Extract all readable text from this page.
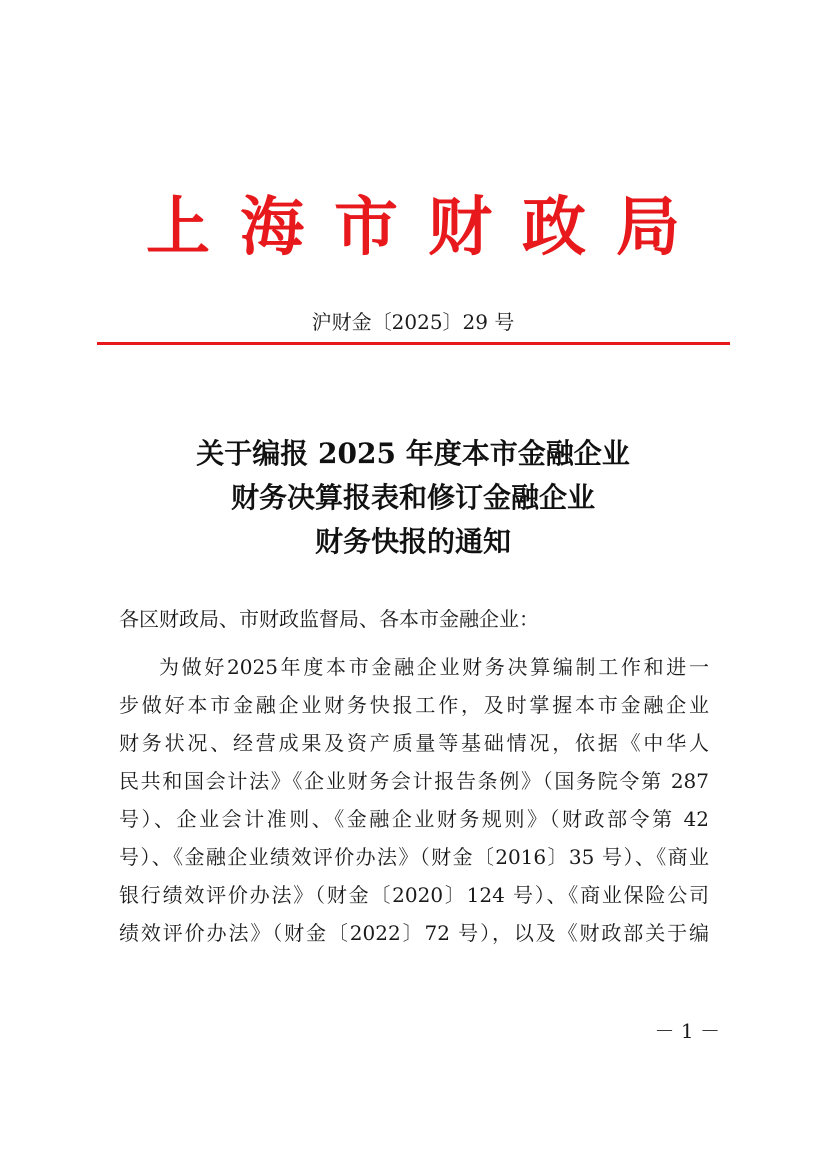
上海市财政局
沪财金〔2025〕29 号
关于编报 2025 年度本市金融企业
财务决算报表和修订金融企业
财务快报的通知
各区财政局、市财政监督局、各本市金融企业：
为做好2025年度本市金融企业财务决算编制工作和进一
步做好本市金融企业财务快报工作，及时掌握本市金融企业
财务状况、经营成果及资产质量等基础情况，依据《中华人
民共和国会计法》《企业财务会计报告条例》（国务院令第 287
号）、企业会计准则、《金融企业财务规则》（财政部令第 42
号）、《金融企业绩效评价办法》（财金〔2016〕35 号）、《商业
银行绩效评价办法》（财金〔2020〕124 号）、《商业保险公司
绩效评价办法》（财金〔2022〕72 号），以及《财政部关于编
－ 1 －
